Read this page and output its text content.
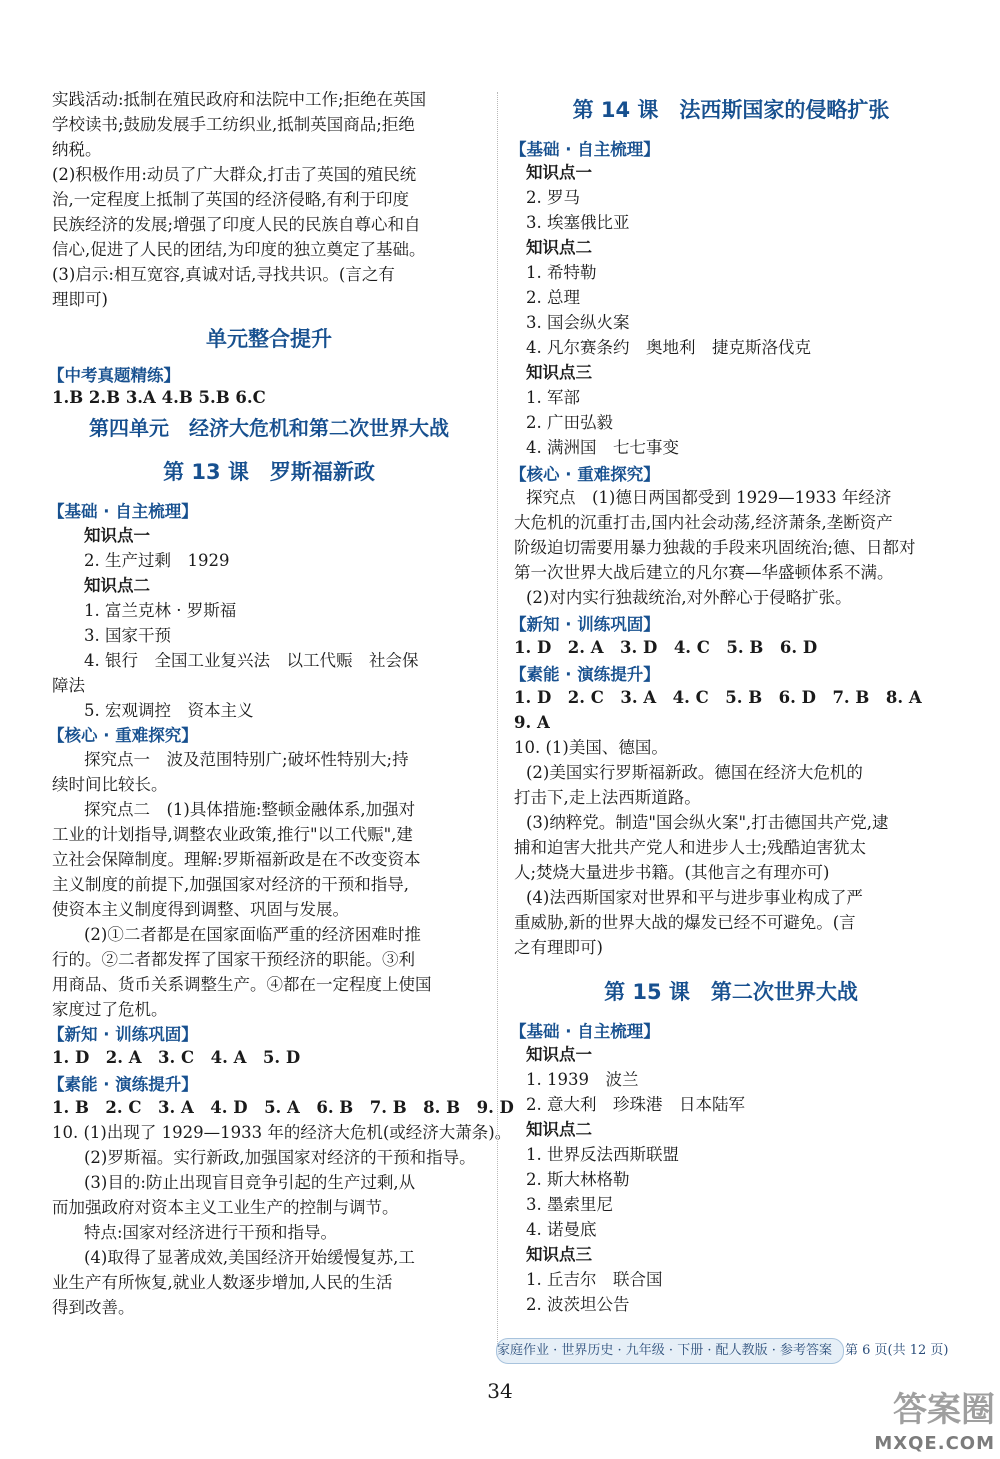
实践活动:抵制在殖民政府和法院中工作;拒绝在英国
学校读书;鼓励发展手工纺织业,抵制英国商品;拒绝
纳税。
(2)积极作用:动员了广大群众,打击了英国的殖民统
治,一定程度上抵制了英国的经济侵略,有利于印度
民族经济的发展;增强了印度人民的民族自尊心和自
信心,促进了人民的团结,为印度的独立奠定了基础。
(3)启示:相互宽容,真诚对话,寻找共识。(言之有
理即可)
单元整合提升
【中考真题精练】
1.B 2.B 3.A 4.B 5.B 6.C
第四单元　经济大危机和第二次世界大战
第 13 课　罗斯福新政
【基础 · 自主梳理】
知识点一
2. 生产过剩　1929
知识点二
1. 富兰克林 · 罗斯福
3. 国家干预
4. 银行　全国工业复兴法　以工代赈　社会保
障法
5. 宏观调控　资本主义
【核心 · 重难探究】
探究点一　波及范围特别广;破坏性特别大;持
续时间比较长。
探究点二　(1)具体措施:整顿金融体系,加强对
工业的计划指导,调整农业政策,推行"以工代赈",建
立社会保障制度。理解:罗斯福新政是在不改变资本
主义制度的前提下,加强国家对经济的干预和指导,
使资本主义制度得到调整、巩固与发展。
(2)①二者都是在国家面临严重的经济困难时推
行的。②二者都发挥了国家干预经济的职能。③利
用商品、货币关系调整生产。④都在一定程度上使国
家度过了危机。
【新知 · 训练巩固】
1. D　2. A　3. C　4. A　5. D
【素能 · 演练提升】
1. B　2. C　3. A　4. D　5. A　6. B　7. B　8. B　9. D
10. (1)出现了 1929—1933 年的经济大危机(或经济大萧条)。
(2)罗斯福。实行新政,加强国家对经济的干预和指导。
(3)目的:防止出现盲目竞争引起的生产过剩,从
而加强政府对资本主义工业生产的控制与调节。
特点:国家对经济进行干预和指导。
(4)取得了显著成效,美国经济开始缓慢复苏,工
业生产有所恢复,就业人数逐步增加,人民的生活
得到改善。
第 14 课　法西斯国家的侵略扩张
【基础 · 自主梳理】
知识点一
2. 罗马
3. 埃塞俄比亚
知识点二
1. 希特勒
2. 总理
3. 国会纵火案
4. 凡尔赛条约　奥地利　捷克斯洛伐克
知识点三
1. 军部
2. 广田弘毅
4. 满洲国　七七事变
【核心 · 重难探究】
探究点　(1)德日两国都受到 1929—1933 年经济
大危机的沉重打击,国内社会动荡,经济萧条,垄断资产
阶级迫切需要用暴力独裁的手段来巩固统治;德、日都对
第一次世界大战后建立的凡尔赛—华盛顿体系不满。
(2)对内实行独裁统治,对外醉心于侵略扩张。
【新知 · 训练巩固】
1. D　2. A　3. D　4. C　5. B　6. D
【素能 · 演练提升】
1. D　2. C　3. A　4. C　5. B　6. D　7. B　8. A
9. A
10. (1)美国、德国。
(2)美国实行罗斯福新政。德国在经济大危机的
打击下,走上法西斯道路。
(3)纳粹党。制造"国会纵火案",打击德国共产党,逮
捕和迫害大批共产党人和进步人士;残酷迫害犹太
人;焚烧大量进步书籍。(其他言之有理亦可)
(4)法西斯国家对世界和平与进步事业构成了严
重威胁,新的世界大战的爆发已经不可避免。(言
之有理即可)
第 15 课　第二次世界大战
【基础 · 自主梳理】
知识点一
1. 1939　波兰
2. 意大利　珍珠港　日本陆军
知识点二
1. 世界反法西斯联盟
2. 斯大林格勒
3. 墨索里尼
4. 诺曼底
知识点三
1. 丘吉尔　联合国
2. 波茨坦公告
家庭作业 · 世界历史 · 九年级 · 下册 · 配人教版 · 参考答案　第 6 页(共 12 页)
34	答案圈
MXQE.COM
